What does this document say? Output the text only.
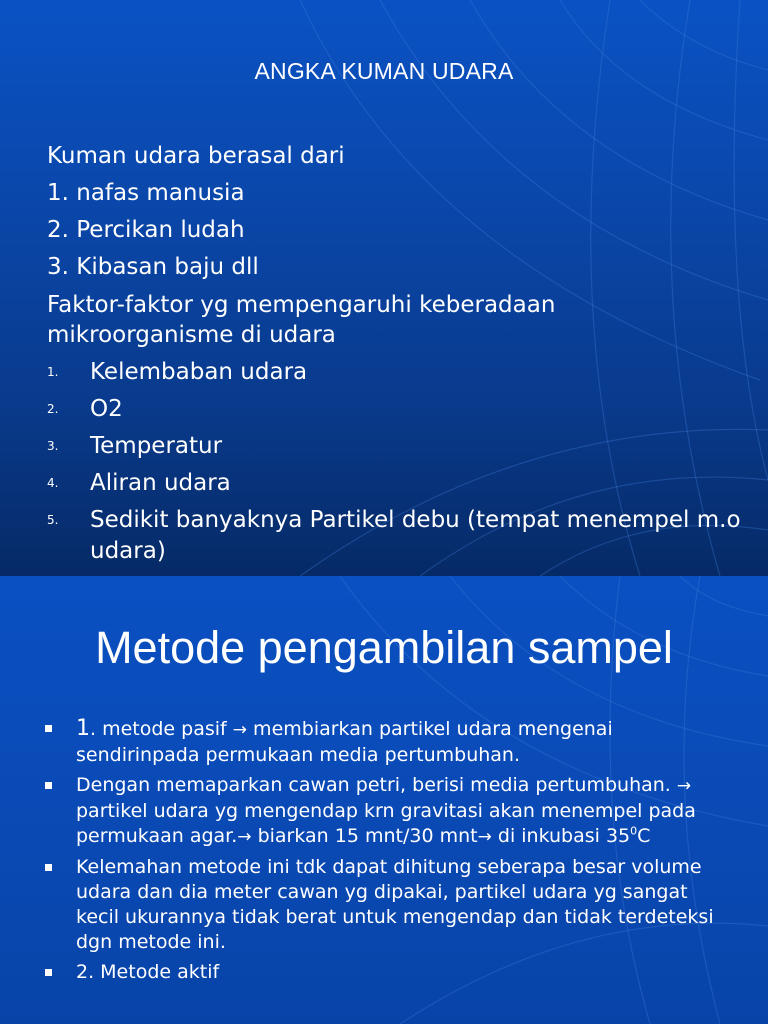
ANGKA KUMAN UDARA
Kuman udara berasal dari
1. nafas manusia
2. Percikan ludah
3. Kibasan baju dll
Faktor-faktor yg mempengaruhi keberadaan mikroorganisme di udara
1. Kelembaban udara
2. O2
3. Temperatur
4. Aliran udara
5. Sedikit banyaknya Partikel debu (tempat menempel m.o udara)
Metode pengambilan sampel
1. metode pasif → membiarkan partikel udara mengenai sendirinpada permukaan media pertumbuhan.
Dengan memaparkan cawan petri, berisi media pertumbuhan. → partikel udara yg mengendap krn gravitasi akan menempel pada permukaan agar.→ biarkan 15 mnt/30 mnt→ di inkubasi $35^0C$
Kelemahan metode ini tdk dapat dihitung seberapa besar volume udara dan dia meter cawan yg dipakai, partikel udara yg sangat kecil ukurannya tidak berat untuk mengendap dan tidak terdeteksi dgn metode ini.
2. Metode aktif
